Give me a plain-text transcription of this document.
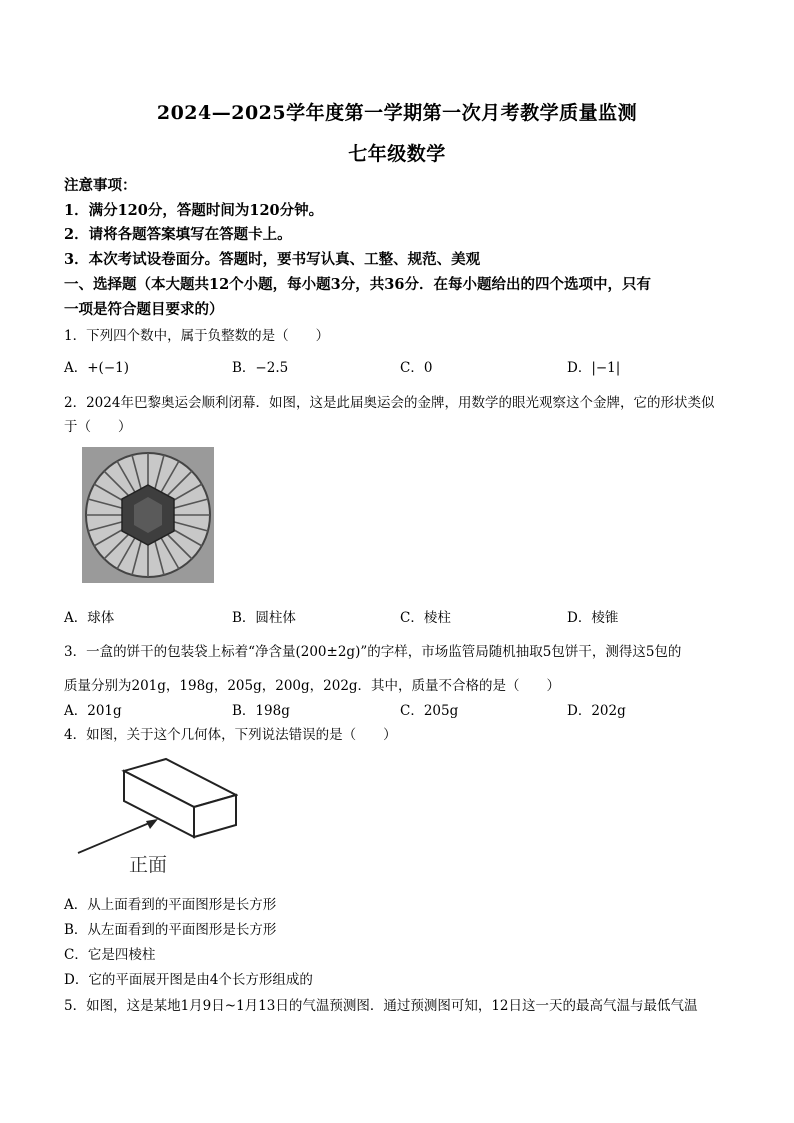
2024—2025学年度第一学期第一次月考教学质量监测
七年级数学
注意事项：
1．满分120分，答题时间为120分钟。
2．请将各题答案填写在答题卡上。
3．本次考试设卷面分。答题时，要书写认真、工整、规范、美观
一、选择题（本大题共12个小题，每小题3分，共36分．在每小题给出的四个选项中，只有
一项是符合题目要求的）
1．下列四个数中，属于负整数的是（　　）
A．+(−1)	B．−2.5	C．0	D．|−1|
2．2024年巴黎奥运会顺利闭幕．如图，这是此届奥运会的金牌，用数学的眼光观察这个金牌，它的形状类似
于（　　）
A．球体	B．圆柱体	C．棱柱	D．棱锥
3．一盒的饼干的包装袋上标着“净含量(200±2g)”的字样，市场监管局随机抽取5包饼干，测得这5包的
质量分别为201g，198g，205g，200g，202g．其中，质量不合格的是（　　）
A．201g	B．198g	C．205g	D．202g
4．如图，关于这个几何体，下列说法错误的是（　　）
正面
A．从上面看到的平面图形是长方形
B．从左面看到的平面图形是长方形
C．它是四棱柱
D．它的平面展开图是由4个长方形组成的
5．如图，这是某地1月9日~1月13日的气温预测图．通过预测图可知，12日这一天的最高气温与最低气温
